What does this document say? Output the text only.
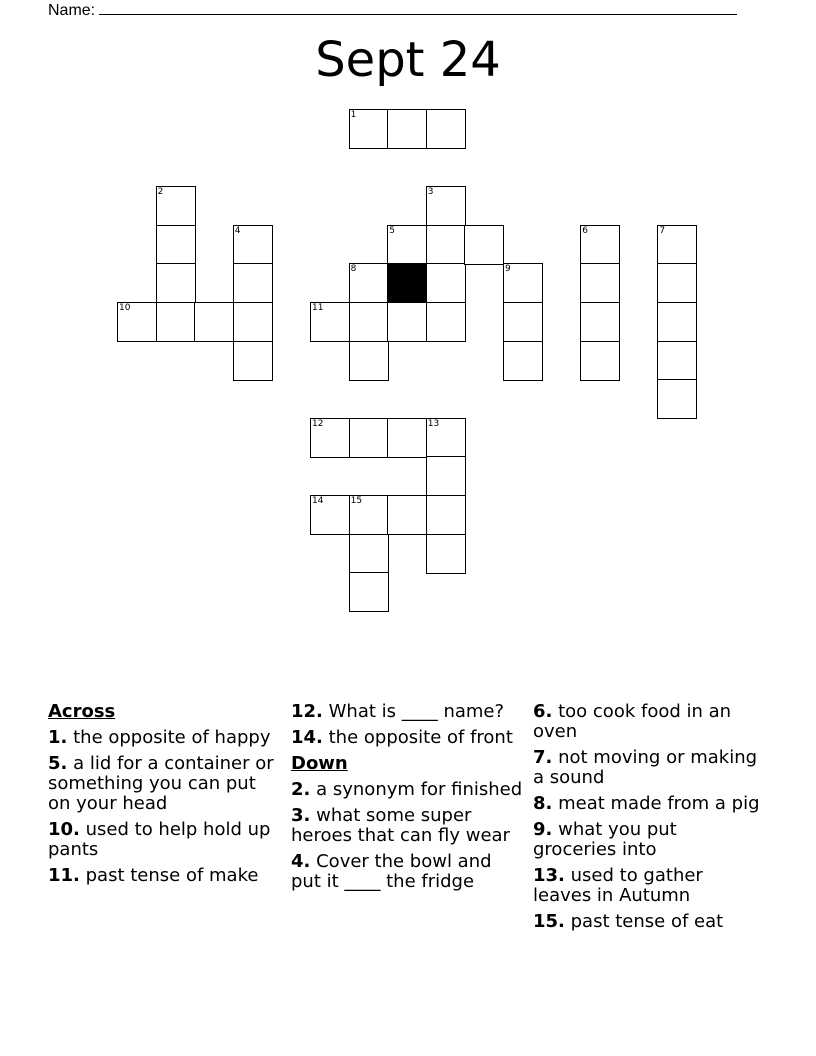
Name:
Sept 24
1
2	3
4	5	6	7
8	9
10	11
12	13
14	15
Across
1. the opposite of happy
5. a lid for a container or something you can put on your head
10. used to help hold up pants
11. past tense of make
12. What is ____ name?
14. the opposite of front
Down
2. a synonym for finished
3. what some super heroes that can fly wear
4. Cover the bowl and put it ____ the fridge
6. too cook food in an oven
7. not moving or making a sound
8. meat made from a pig
9. what you put groceries into
13. used to gather leaves in Autumn
15. past tense of eat
